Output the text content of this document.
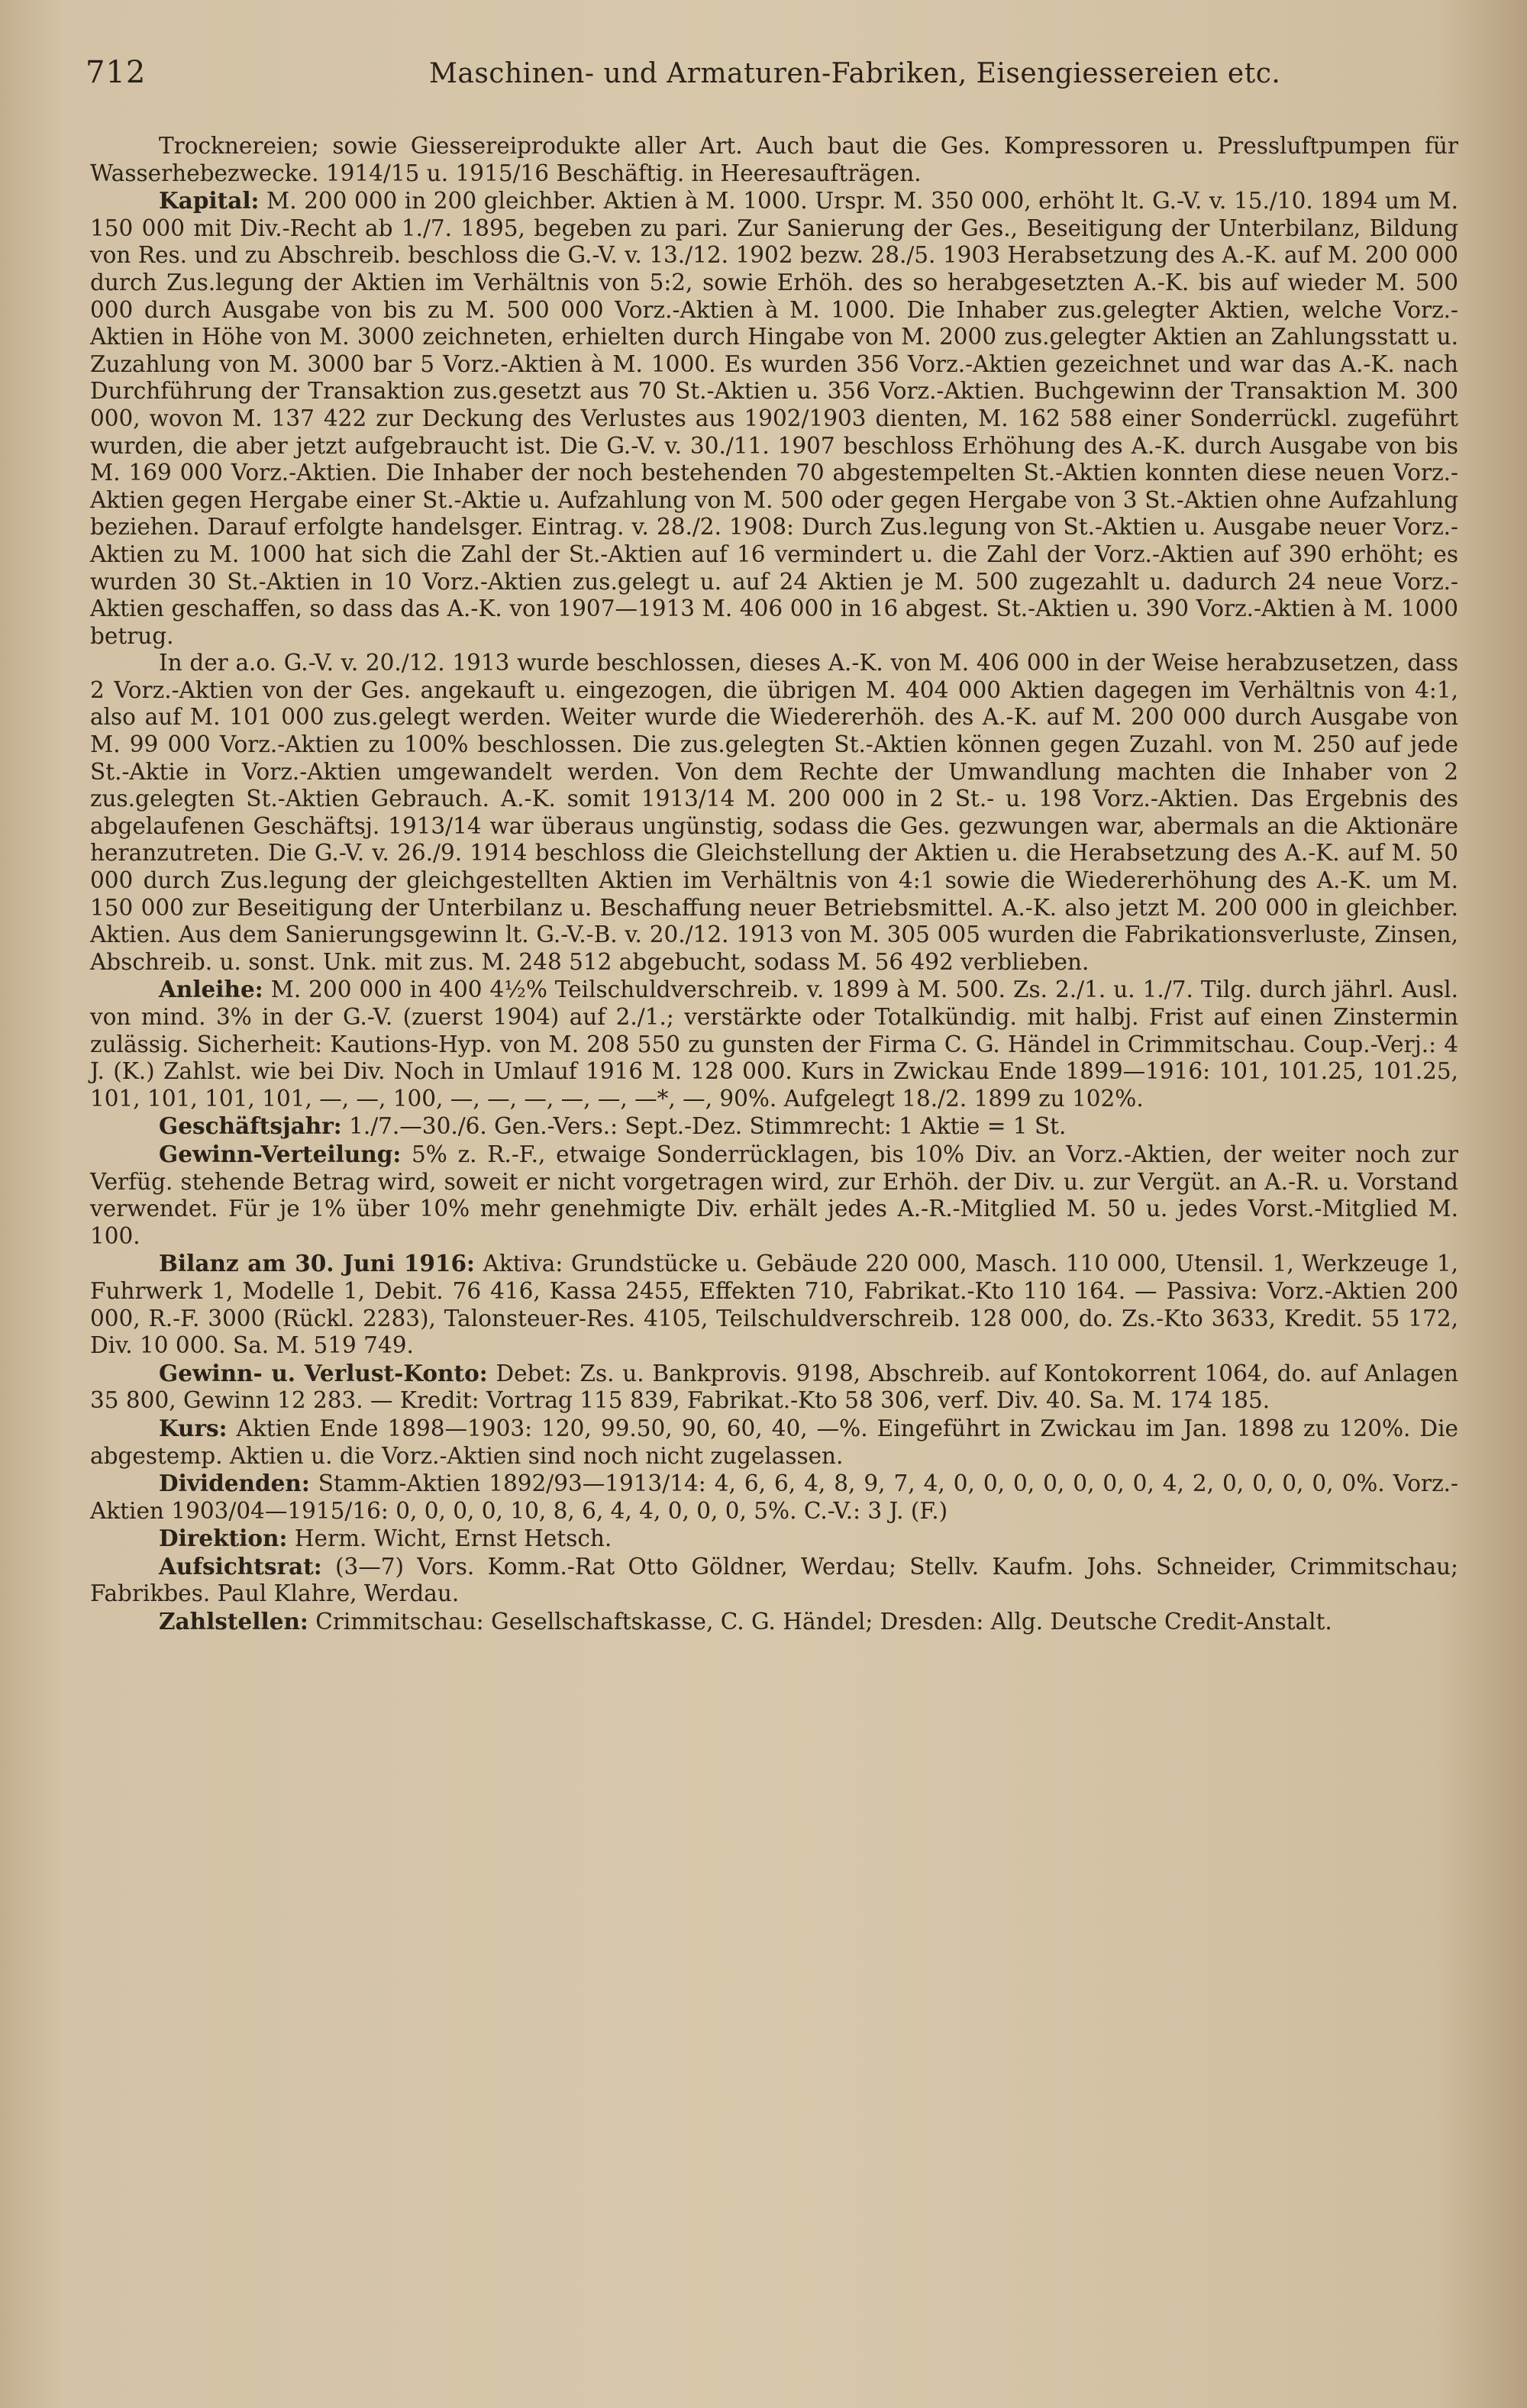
712	Maschinen- und Armaturen-Fabriken, Eisengiessereien etc.

Trocknereien; sowie Giessereiprodukte aller Art. Auch baut die Ges. Kompressoren u. Pressluftpumpen für Wasserhebezwecke. 1914/15 u. 1915/16 Beschäftig. in Heeresaufträgen.

Kapital: M. 200 000 in 200 gleichber. Aktien à M. 1000. Urspr. M. 350 000, erhöht lt. G.-V. v. 15./10. 1894 um M. 150 000 mit Div.-Recht ab 1./7. 1895, begeben zu pari. Zur Sanierung der Ges., Beseitigung der Unterbilanz, Bildung von Res. und zu Abschreib. beschloss die G.-V. v. 13./12. 1902 bezw. 28./5. 1903 Herabsetzung des A.-K. auf M. 200 000 durch Zus.legung der Aktien im Verhältnis von 5:2, sowie Erhöh. des so herabgesetzten A.-K. bis auf wieder M. 500 000 durch Ausgabe von bis zu M. 500 000 Vorz.-Aktien à M. 1000. Die Inhaber zus.gelegter Aktien, welche Vorz.-Aktien in Höhe von M. 3000 zeichneten, erhielten durch Hingabe von M. 2000 zus.gelegter Aktien an Zahlungsstatt u. Zuzahlung von M. 3000 bar 5 Vorz.-Aktien à M. 1000. Es wurden 356 Vorz.-Aktien gezeichnet und war das A.-K. nach Durchführung der Transaktion zus.gesetzt aus 70 St.-Aktien u. 356 Vorz.-Aktien. Buchgewinn der Transaktion M. 300 000, wovon M. 137 422 zur Deckung des Verlustes aus 1902/1903 dienten, M. 162 588 einer Sonderrückl. zugeführt wurden, die aber jetzt aufgebraucht ist. Die G.-V. v. 30./11. 1907 beschloss Erhöhung des A.-K. durch Ausgabe von bis M. 169 000 Vorz.-Aktien. Die Inhaber der noch bestehenden 70 abgestempelten St.-Aktien konnten diese neuen Vorz.-Aktien gegen Hergabe einer St.-Aktie u. Aufzahlung von M. 500 oder gegen Hergabe von 3 St.-Aktien ohne Aufzahlung beziehen. Darauf erfolgte handelsger. Eintrag. v. 28./2. 1908: Durch Zus.legung von St.-Aktien u. Ausgabe neuer Vorz.-Aktien zu M. 1000 hat sich die Zahl der St.-Aktien auf 16 vermindert u. die Zahl der Vorz.-Aktien auf 390 erhöht; es wurden 30 St.-Aktien in 10 Vorz.-Aktien zus.gelegt u. auf 24 Aktien je M. 500 zugezahlt u. dadurch 24 neue Vorz.-Aktien geschaffen, so dass das A.-K. von 1907—1913 M. 406 000 in 16 abgest. St.-Aktien u. 390 Vorz.-Aktien à M. 1000 betrug.

In der a.o. G.-V. v. 20./12. 1913 wurde beschlossen, dieses A.-K. von M. 406 000 in der Weise herabzusetzen, dass 2 Vorz.-Aktien von der Ges. angekauft u. eingezogen, die übrigen M. 404 000 Aktien dagegen im Verhältnis von 4:1, also auf M. 101 000 zus.gelegt werden. Weiter wurde die Wiedererhöh. des A.-K. auf M. 200 000 durch Ausgabe von M. 99 000 Vorz.-Aktien zu 100% beschlossen. Die zus.gelegten St.-Aktien können gegen Zuzahl. von M. 250 auf jede St.-Aktie in Vorz.-Aktien umgewandelt werden. Von dem Rechte der Umwandlung machten die Inhaber von 2 zus.gelegten St.-Aktien Gebrauch. A.-K. somit 1913/14 M. 200 000 in 2 St.- u. 198 Vorz.-Aktien. Das Ergebnis des abgelaufenen Geschäftsj. 1913/14 war überaus ungünstig, sodass die Ges. gezwungen war, abermals an die Aktionäre heranzutreten. Die G.-V. v. 26./9. 1914 beschloss die Gleichstellung der Aktien u. die Herabsetzung des A.-K. auf M. 50 000 durch Zus.legung der gleichgestellten Aktien im Verhältnis von 4:1 sowie die Wiedererhöhung des A.-K. um M. 150 000 zur Beseitigung der Unterbilanz u. Beschaffung neuer Betriebsmittel. A.-K. also jetzt M. 200 000 in gleichber. Aktien. Aus dem Sanierungsgewinn lt. G.-V.-B. v. 20./12. 1913 von M. 305 005 wurden die Fabrikationsverluste, Zinsen, Abschreib. u. sonst. Unk. mit zus. M. 248 512 abgebucht, sodass M. 56 492 verblieben.

Anleihe: M. 200 000 in 400 4½% Teilschuldverschreib. v. 1899 à M. 500. Zs. 2./1. u. 1./7. Tilg. durch jährl. Ausl. von mind. 3% in der G.-V. (zuerst 1904) auf 2./1.; verstärkte oder Totalkündig. mit halbj. Frist auf einen Zinstermin zulässig. Sicherheit: Kautions-Hyp. von M. 208 550 zu gunsten der Firma C. G. Händel in Crimmitschau. Coup.-Verj.: 4 J. (K.) Zahlst. wie bei Div. Noch in Umlauf 1916 M. 128 000. Kurs in Zwickau Ende 1899—1916: 101, 101.25, 101.25, 101, 101, 101, 101, —, —, 100, —, —, —, —, —, —*, —, 90%. Aufgelegt 18./2. 1899 zu 102%.

Geschäftsjahr: 1./7.—30./6. Gen.-Vers.: Sept.-Dez. Stimmrecht: 1 Aktie = 1 St.

Gewinn-Verteilung: 5% z. R.-F., etwaige Sonderrücklagen, bis 10% Div. an Vorz.-Aktien, der weiter noch zur Verfüg. stehende Betrag wird, soweit er nicht vorgetragen wird, zur Erhöh. der Div. u. zur Vergüt. an A.-R. u. Vorstand verwendet. Für je 1% über 10% mehr genehmigte Div. erhält jedes A.-R.-Mitglied M. 50 u. jedes Vorst.-Mitglied M. 100.

Bilanz am 30. Juni 1916: Aktiva: Grundstücke u. Gebäude 220 000, Masch. 110 000, Utensil. 1, Werkzeuge 1, Fuhrwerk 1, Modelle 1, Debit. 76 416, Kassa 2455, Effekten 710, Fabrikat.-Kto 110 164. — Passiva: Vorz.-Aktien 200 000, R.-F. 3000 (Rückl. 2283), Talonsteuer-Res. 4105, Teilschuldverschreib. 128 000, do. Zs.-Kto 3633, Kredit. 55 172, Div. 10 000. Sa. M. 519 749.

Gewinn- u. Verlust-Konto: Debet: Zs. u. Bankprovis. 9198, Abschreib. auf Kontokorrent 1064, do. auf Anlagen 35 800, Gewinn 12 283. — Kredit: Vortrag 115 839, Fabrikat.-Kto 58 306, verf. Div. 40. Sa. M. 174 185.

Kurs: Aktien Ende 1898—1903: 120, 99.50, 90, 60, 40, —%. Eingeführt in Zwickau im Jan. 1898 zu 120%. Die abgestemp. Aktien u. die Vorz.-Aktien sind noch nicht zugelassen.

Dividenden: Stamm-Aktien 1892/93—1913/14: 4, 6, 6, 4, 8, 9, 7, 4, 0, 0, 0, 0, 0, 0, 0, 4, 2, 0, 0, 0, 0, 0%. Vorz.-Aktien 1903/04—1915/16: 0, 0, 0, 0, 10, 8, 6, 4, 4, 0, 0, 0, 5%. C.-V.: 3 J. (F.)

Direktion: Herm. Wicht, Ernst Hetsch.

Aufsichtsrat: (3—7) Vors. Komm.-Rat Otto Göldner, Werdau; Stellv. Kaufm. Johs. Schneider, Crimmitschau; Fabrikbes. Paul Klahre, Werdau.

Zahlstellen: Crimmitschau: Gesellschaftskasse, C. G. Händel; Dresden: Allg. Deutsche Credit-Anstalt.
